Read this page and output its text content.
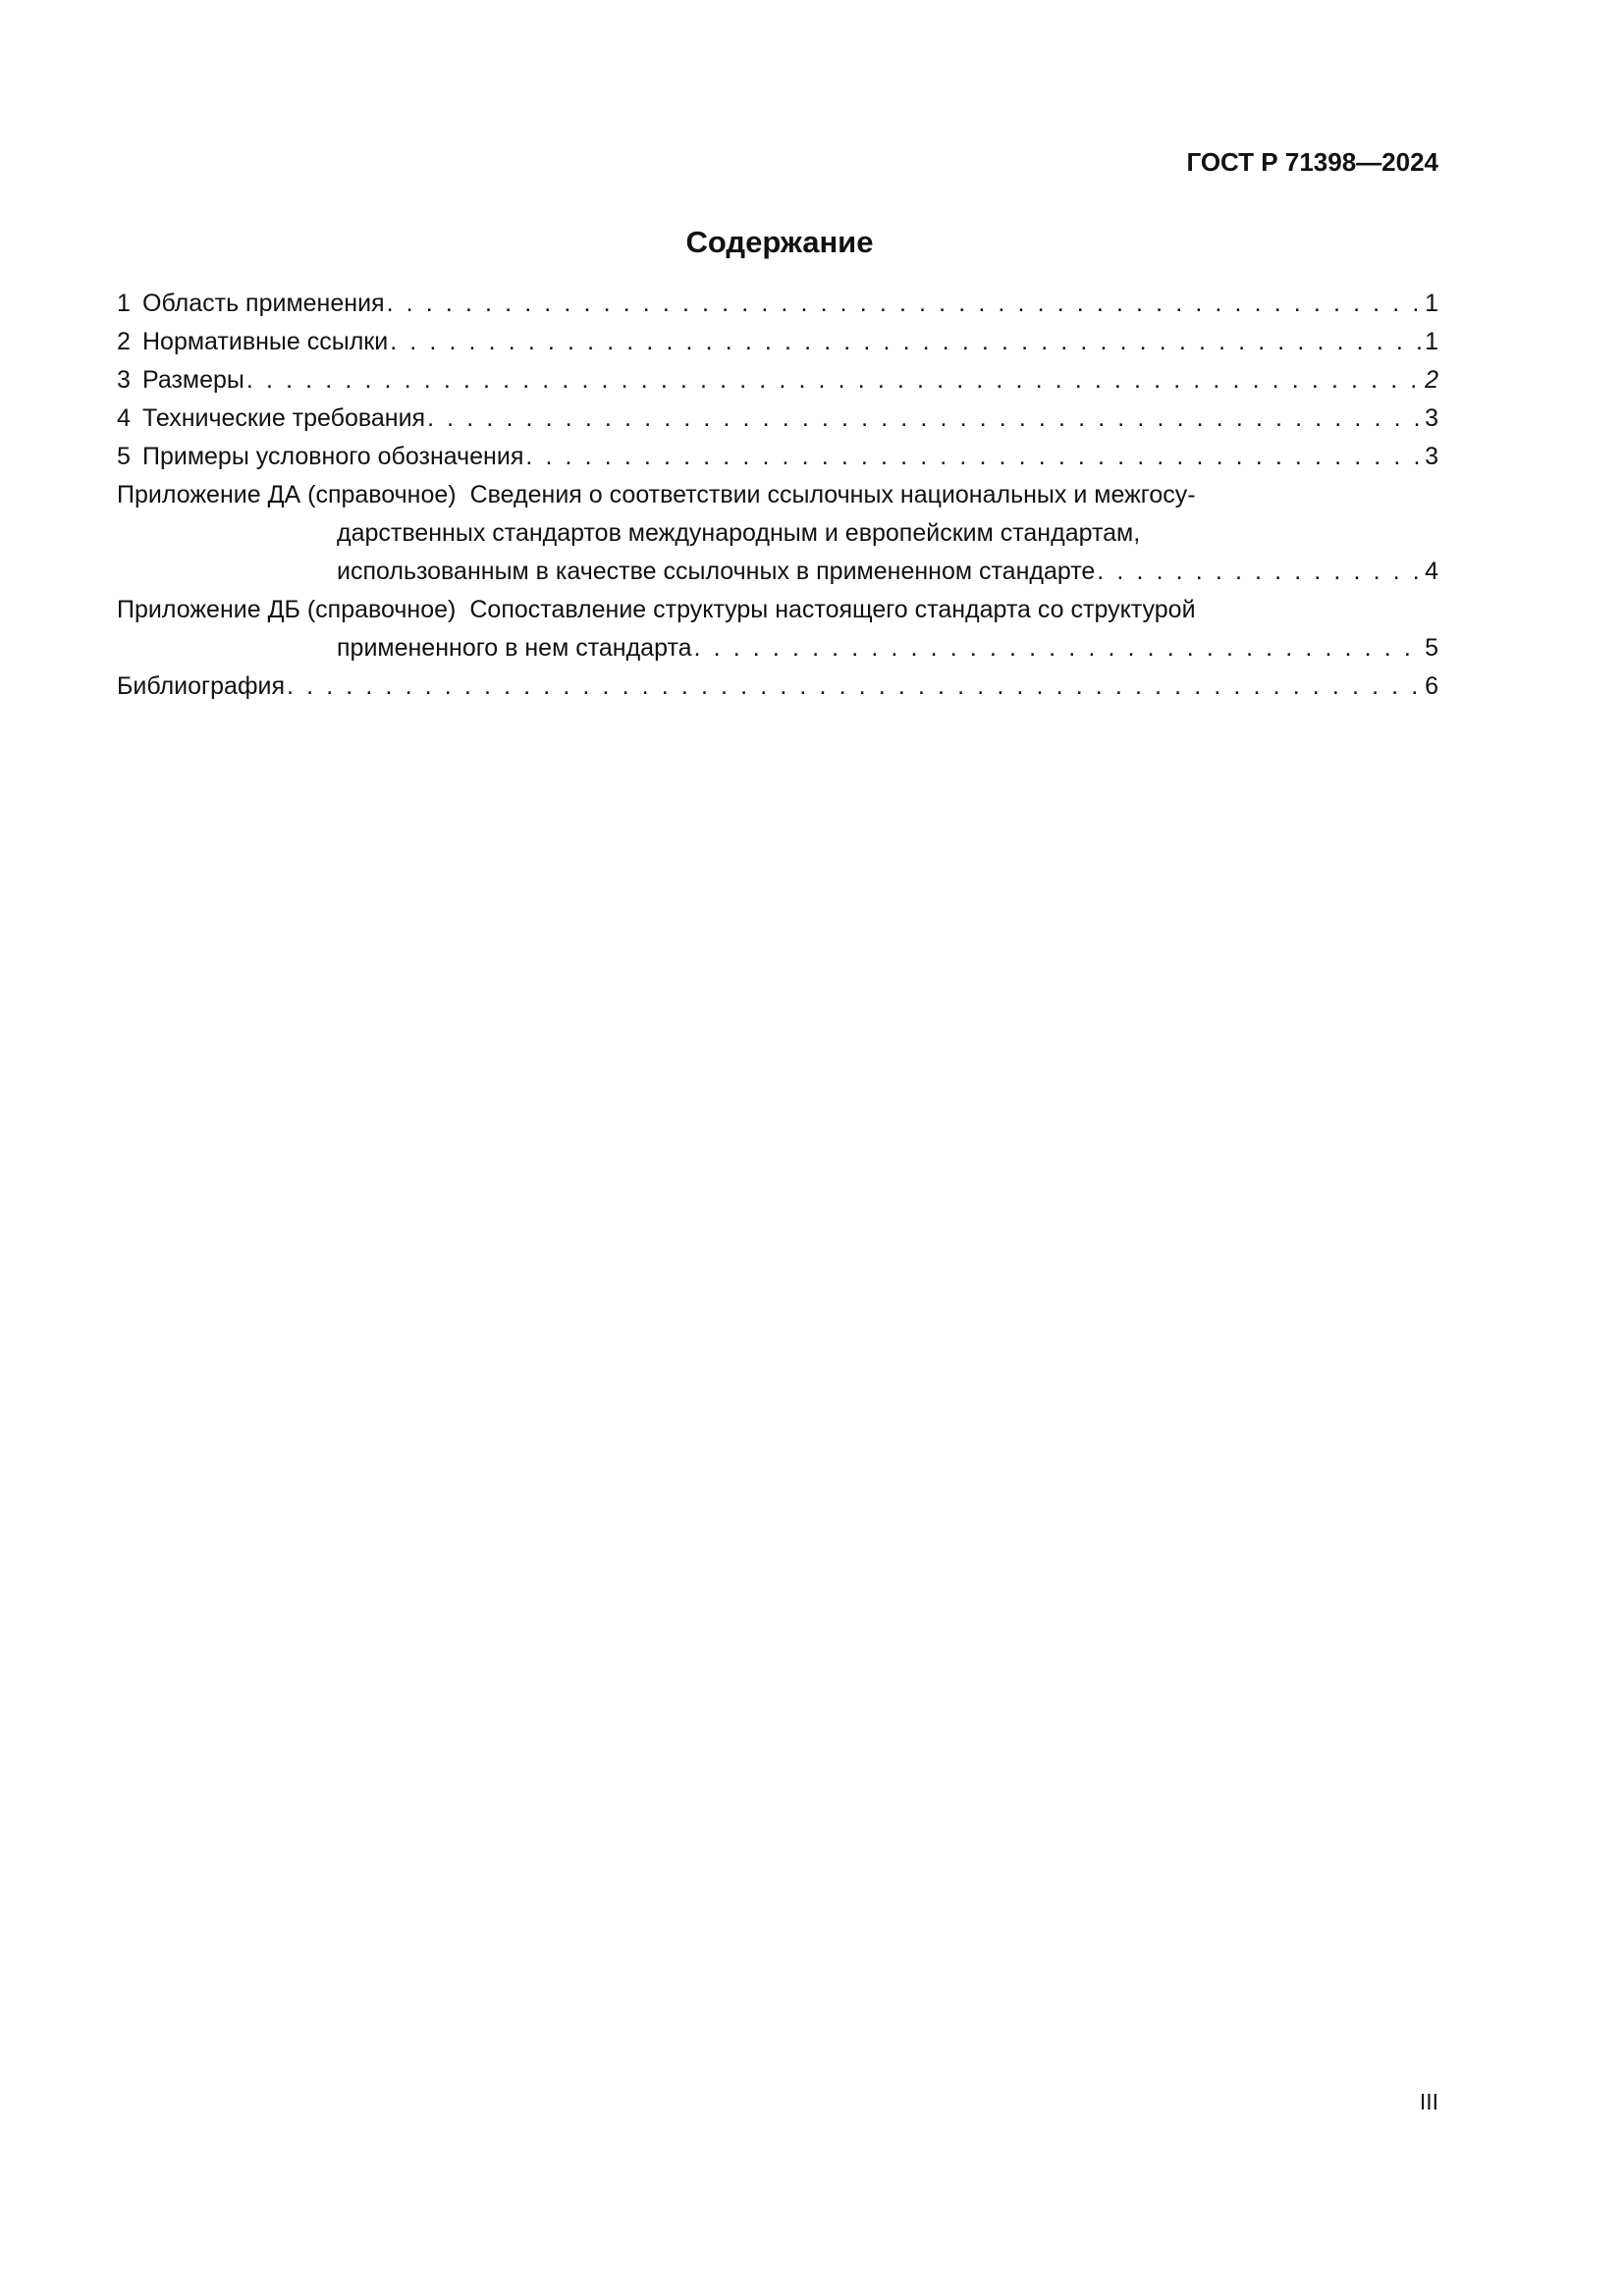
ГОСТ Р 71398—2024
Содержание
1 Область применения . . .	1
2 Нормативные ссылки . . .	1
3 Размеры . . .	2
4 Технические требования . . .	3
5 Примеры условного обозначения . . .	3
Приложение ДА (справочное) Сведения о соответствии ссылочных национальных и межгосу-
дарственных стандартов международным и европейским стандартам,
использованным в качестве ссылочных в примененном стандарте . . .	4
Приложение ДБ (справочное) Сопоставление структуры настоящего стандарта со структурой
примененного в нем стандарта . . .	5
Библиография . . .	6
III
